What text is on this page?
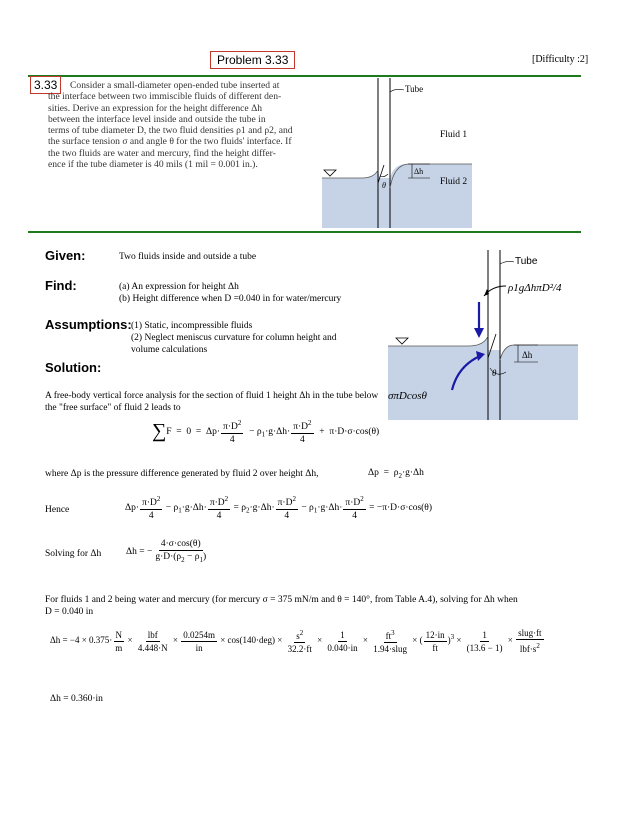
Problem 3.33	[Difficulty :2]
3.33	Consider a small-diameter open-ended tube inserted at
the interface between two immiscible fluids of different den-
sities. Derive an expression for the height difference Δh
between the interface level inside and outside the tube in
terms of tube diameter D, the two fluid densities ρ1 and ρ2, and
the surface tension σ and angle θ for the two fluids' interface. If
the two fluids are water and mercury, find the height differ-
ence if the tube diameter is 40 mils (1 mil = 0.001 in.).
Tube
Δh
θ
Fluid 1
Fluid 2
Given:	Two fluids inside and outside a tube
Find:	(a) An expression for height Δh
(b) Height difference when D =0.040 in for water/mercury
Assumptions: (1) Static, incompressible fluids
(2) Neglect meniscus curvature for column height and
volume calculations
Solution:
Tube
Δh
θ
ρ1gΔhπD²/4
σπDcosθ
A free-body vertical force analysis for the section of fluid 1 height Δh in the tube below
the "free surface" of fluid 2 leads to
$\sum F = 0 = \Delta p\cdot \frac{\pi\cdot D^2}{4} - \rho_1\cdot g\cdot\Delta h\cdot \frac{\pi\cdot D^2}{4} + \pi\cdot D\cdot\sigma\cdot\cos(\theta)$
where Δp is the pressure difference generated by fluid 2 over height Δh,	$\Delta p = \rho_2\cdot g\cdot\Delta h$
Hence	$\Delta p\cdot \frac{\pi\cdot D^2}{4} - \rho_1\cdot g\cdot\Delta h\cdot \frac{\pi\cdot D^2}{4} = \rho_2\cdot g\cdot\Delta h\cdot \frac{\pi\cdot D^2}{4} - \rho_1\cdot g\cdot\Delta h\cdot \frac{\pi\cdot D^2}{4} = -\pi\cdot D\cdot\sigma\cdot\cos(\theta)$
Solving for Δh	Δh = − $\frac{4\cdot\sigma\cdot\cos(\theta)}{g\cdot D\cdot(\rho_2 - \rho_1)}$
For fluids 1 and 2 being water and mercury (for mercury σ = 375 mN/m and θ = 140°, from Table A.4), solving for Δh when
D = 0.040 in
$\Delta h = -4 \times 0.375\cdot \frac{N}{m} \times \frac{\text{lbf}}{4.448\cdot N} \times \frac{0.0254m}{in} \times \cos(140\cdot deg) \times \frac{s^2}{32.2\cdot ft} \times \frac{1}{0.040\cdot in} \times \frac{ft^3}{\text{1.94·slug}}$ × ( $\frac{12\cdot in}{ft} )^3 \times \frac{1}{(13.6 - 1)} \times \frac{\text{slug·ft}}{lbf\cdot s^2}$
Δh = 0.360·in
